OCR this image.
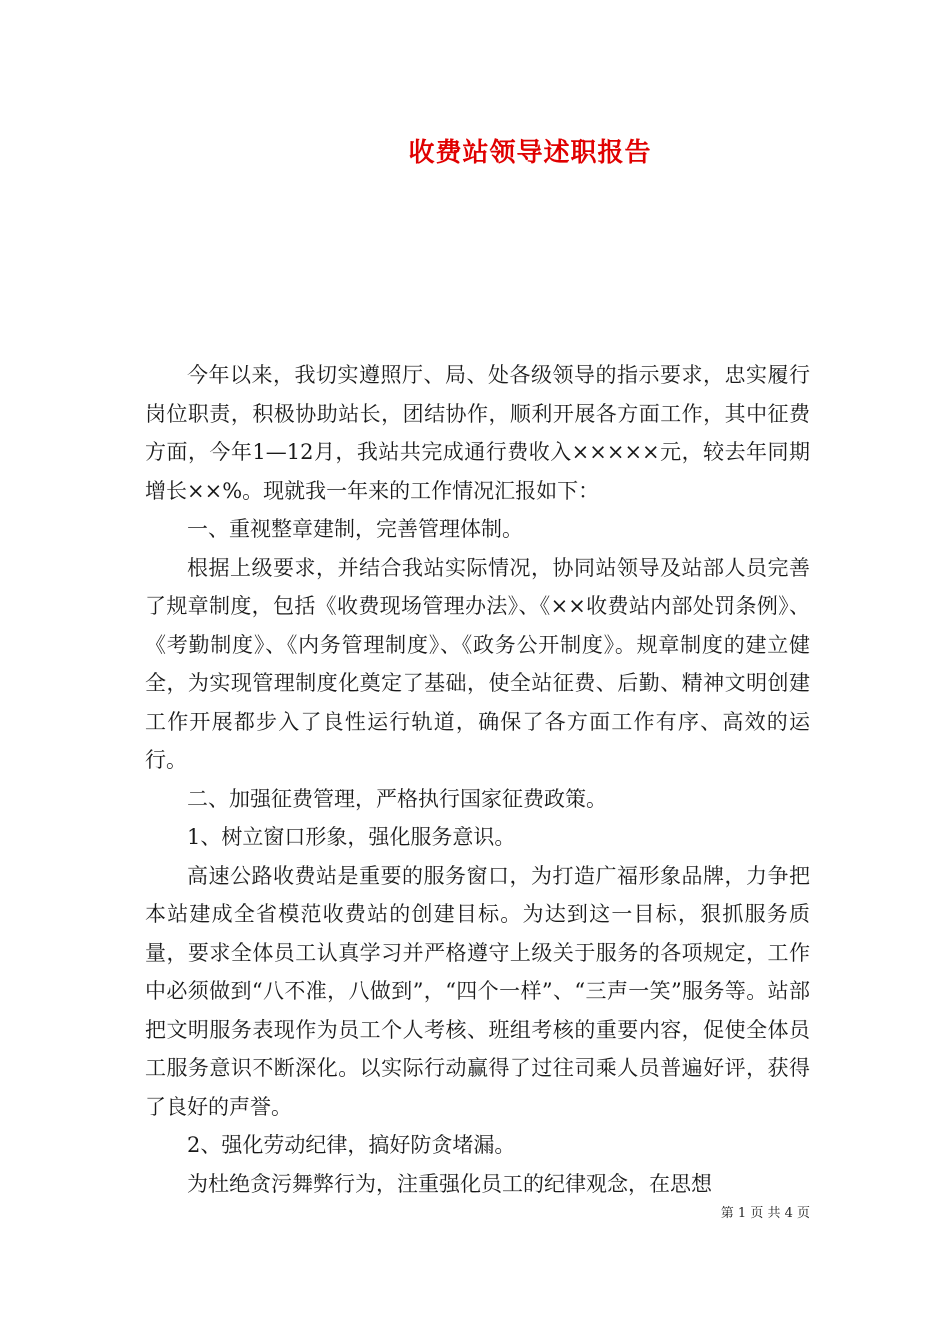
收费站领导述职报告

今年以来，我切实遵照厅、局、处各级领导的指示要求，忠实履行岗位职责，积极协助站长，团结协作，顺利开展各方面工作，其中征费方面，今年1—12月，我站共完成通行费收入×××××元，较去年同期增长××%。现就我一年来的工作情况汇报如下：

一、重视整章建制，完善管理体制。

根据上级要求，并结合我站实际情况，协同站领导及站部人员完善了规章制度，包括《收费现场管理办法》、《××收费站内部处罚条例》、《考勤制度》、《内务管理制度》、《政务公开制度》。规章制度的建立健全，为实现管理制度化奠定了基础，使全站征费、后勤、精神文明创建工作开展都步入了良性运行轨道，确保了各方面工作有序、高效的运行。

二、加强征费管理，严格执行国家征费政策。

1、树立窗口形象，强化服务意识。

高速公路收费站是重要的服务窗口，为打造广福形象品牌，力争把本站建成全省模范收费站的创建目标。为达到这一目标，狠抓服务质量，要求全体员工认真学习并严格遵守上级关于服务的各项规定，工作中必须做到“八不准，八做到”，“四个一样”、“三声一笑”服务等。站部把文明服务表现作为员工个人考核、班组考核的重要内容，促使全体员工服务意识不断深化。以实际行动赢得了过往司乘人员普遍好评，获得了良好的声誉。

2、强化劳动纪律，搞好防贪堵漏。

为杜绝贪污舞弊行为，注重强化员工的纪律观念，在思想

第 1 页 共 4 页
